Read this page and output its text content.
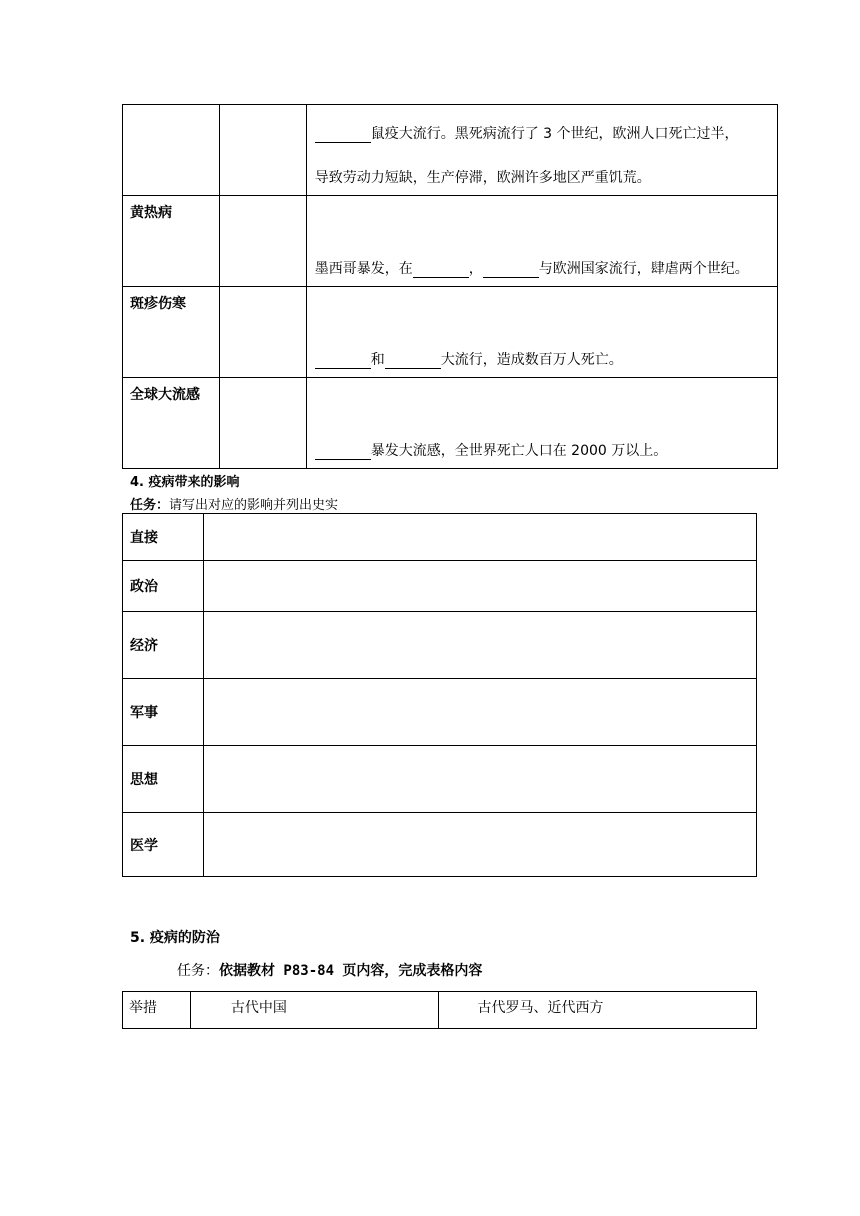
		鼠疫大流行。黑死病流行了 3 个世纪，欧洲人口死亡过半，
导致劳动力短缺，生产停滞，欧洲许多地区严重饥荒。

黄热病		墨西哥暴发，在 ， 与欧洲国家流行，肆虐两个世纪。

斑疹伤寒		和 大流行，造成数百万人死亡。

全球大流感		暴发大流感，全世界死亡人口在 2000 万以上。
4. 疫病带来的影响
任务：请写出对应的影响并列出史实
直接	
政治	
经济	
军事	
思想	
医学	
5. 疫病的防治
任务：依据教材 P83-84 页内容，完成表格内容
举措	古代中国	古代罗马、近代西方
